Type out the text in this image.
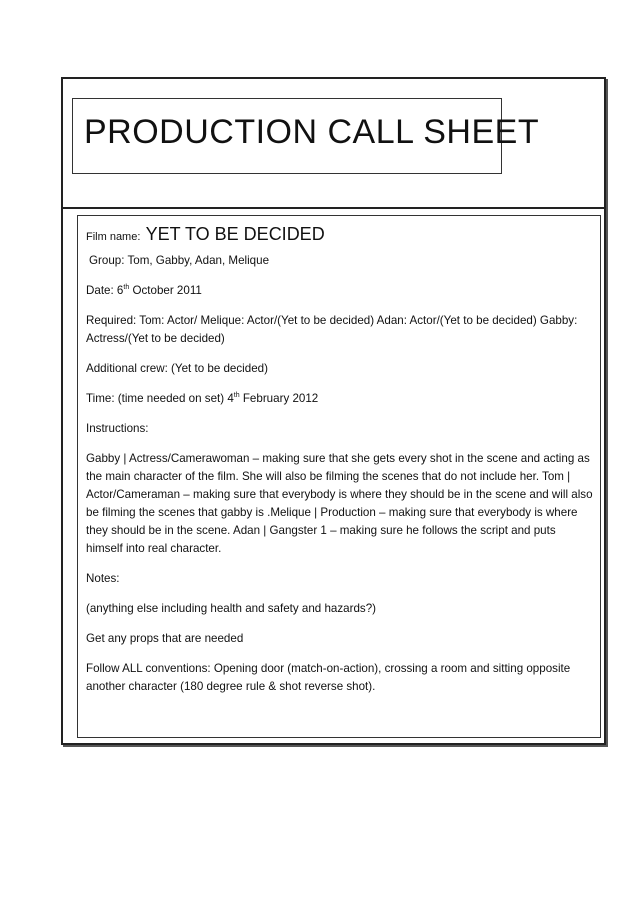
PRODUCTION CALL SHEET

Film name: YET TO BE DECIDED

Group: Tom, Gabby, Adan, Melique

Date: 6th October 2011

Required: Tom: Actor/ Melique: Actor/(Yet to be decided) Adan: Actor/(Yet to be decided) Gabby: Actress/(Yet to be decided)

Additional crew: (Yet to be decided)

Time: (time needed on set) 4th February 2012

Instructions:

Gabby | Actress/Camerawoman – making sure that she gets every shot in the scene and acting as the main character of the film. She will also be filming the scenes that do not include her. Tom | Actor/Cameraman – making sure that everybody is where they should be in the scene and will also be filming the scenes that gabby is .Melique | Production – making sure that everybody is where they should be in the scene. Adan | Gangster 1 – making sure he follows the script and puts himself into real character.

Notes:

(anything else including health and safety and hazards?)

Get any props that are needed

Follow ALL conventions: Opening door (match-on-action), crossing a room and sitting opposite another character (180 degree rule & shot reverse shot).
